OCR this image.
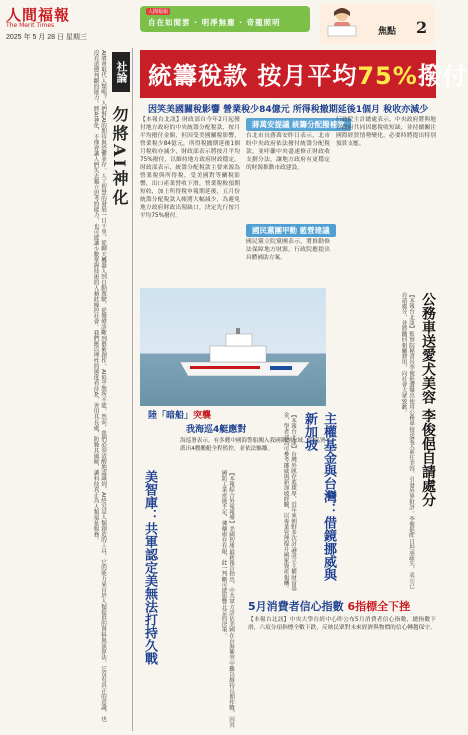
人間福報
The Merit Times
2025 年 5 月 28 日 星期三
人間福報
自在如閒雲 · 明淨無塵 · 奇龍照明
焦點 2
社論
勿將AI神化
AI將會取代人類嗎？人們對AI的期待與恐懼並存。人工智慧的發展一日千里，從聊天機器人到自動駕駛，從醫療診斷到藝術創作，AI似乎無所不能。然而，我們必須清醒地認識到，AI終究是人類創造的工具，它的能力來自於人類提供的資料與演算法，它沒有真正的意識，也沒有道德判斷的能力。將AI神化，不僅會讓人們失去獨立思考的能力，也可能讓少數掌握技術的人藉此操控社會。我們應以理性的態度看待AI，善用其長處，防範其風險，讓科技真正為人類福祉服務。	統籌稅款 按月平均75%撥付
因笑美國關稅影響 營業稅少84億元 所得稅撤期延後1個月 稅收亦減少
【本報台北訊】財政部自今年2月起撥付地方政府的中央統籌分配稅款，按月平均撥付金額，但因受美國關稅影響，營業稅少84億元，所得稅撤期延後1個月稅收亦減少，財政部表示將按月平均75%撥付，以維持地方政府財政穩定。 財政部表示，統籌分配稅款主要來源為營業稅與所得稅，受美國對等關稅影響，出口產業營收下滑，營業稅較預期短收，加上所得稅申報期延後，五月份統籌分配稅款入帳將大幅減少，為避免地方政府財政出現缺口，決定先行按月平均75%撥付。
蔣萬安提議 統籌分配撥補款
台北市長蔣萬安昨日表示，北市盼中央政府依法撥付統籌分配稅款，並呼籲中央盡速修正財政收支劃分法，讓地方政府有更穩定的財源推動市政建設。
國民黨團甲動 藍營建議
國民黨立院黨團表示，將推動修法保障地方財源，行政院應提出具體補助方案。
行政院主計總處表示，中央政府將與地方政府共同因應稅收短缺，並持續關注國際經貿情勢變化，必要時將提出特別預算支應。
陸「暗船」突襲
我海巡4艇應對
海巡署表示，有多艘中國海警船闖入我國限制水域，海巡署派出4艘艦艇全程監控，並依法驅離。
美智庫：共軍認定美無法打持久戰	【本報綜合外電報導】美國智庫最新報告指出，中共軍方評估美國在台海衝突中難以維持長期作戰，因其國防工業產能不足，彈藥庫存有限，此一判斷可能影響北京的決策。	主權基金與台灣：借鏡挪威與新加坡
【本報台北訊】台灣外匯存底雄厚，近年來朝野多次討論設立主權財富基金，學者認為可參考挪威與新加坡經驗，以專業管理提升國家資產報酬。	公務車送愛犬美容 李俊俋自請處分
【本報台北訊】監察院秘書長李俊俋遭爆出使用公務車接送愛犬前往美容，引發外界批評。李俊俋昨日坦承疏失，表示已自請處分，並將繳回相關費用，向社會大眾致歉。
5月消費者信心指數 6指標全下挫
【本報台北訊】中央大學台經中心昨公布5月消費者信心指數，總指數下滑，六項分項指標全數下跌，反映民眾對未來經濟與物價的信心轉趨保守。
